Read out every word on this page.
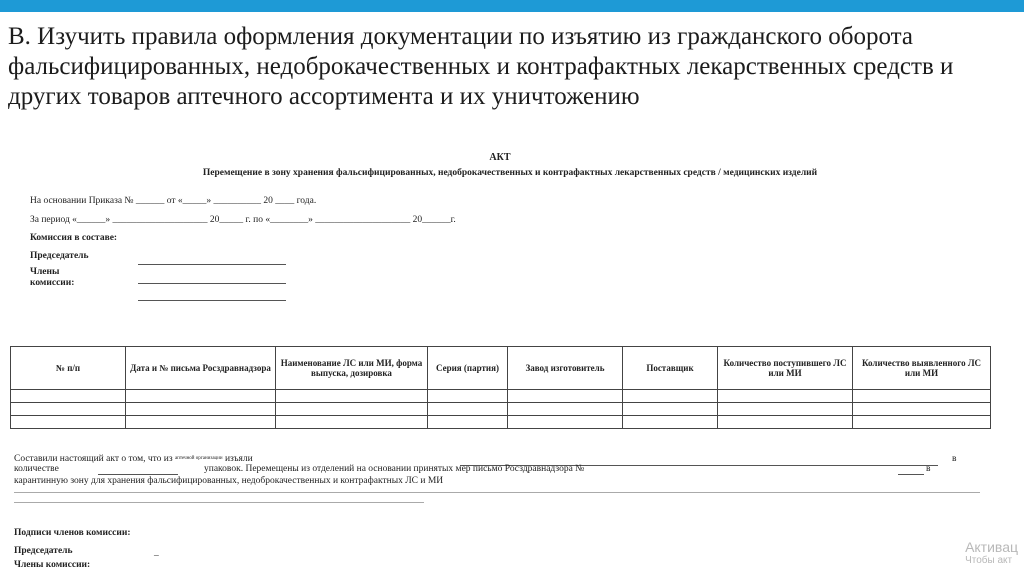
В. Изучить правила оформления документации по изъятию из гражданского оборота фальсифицированных, недоброкачественных и контрафактных лекарственных средств и других товаров аптечного ассортимента и их уничтожению
АКТ
Перемещение в зону хранения фальсифицированных, недоброкачественных и контрафактных лекарственных средств / медицинских изделий
На основании Приказа № ______ от «_____» __________ 20 ____ года.
За период «______» ____________________ 20_____ г. по «________» ____________________ 20______г.
Комиссия в составе:
Председатель
Члены
комиссии:
№ п/п	Дата и № письма Росздравнадзора	Наименование ЛС или МИ, форма выпуска, дозировка	Серия (партия)	Завод изготовитель	Поставщик	Количество поступившего ЛС или МИ	Количество выявленного ЛС или МИ

Составили настоящий акт о том, что из $^{аптечной организации}$ изъяли	в
количестве	упаковок. Перемещены из отделений на основании принятых мер письмо Росздравнадзора №	в
карантинную зону для хранения фальсифицированных, недоброкачественных и контрафактных ЛС и МИ
Подписи членов комиссии:
Председатель	_
Члены комиссии:
Активац
Чтобы акт
